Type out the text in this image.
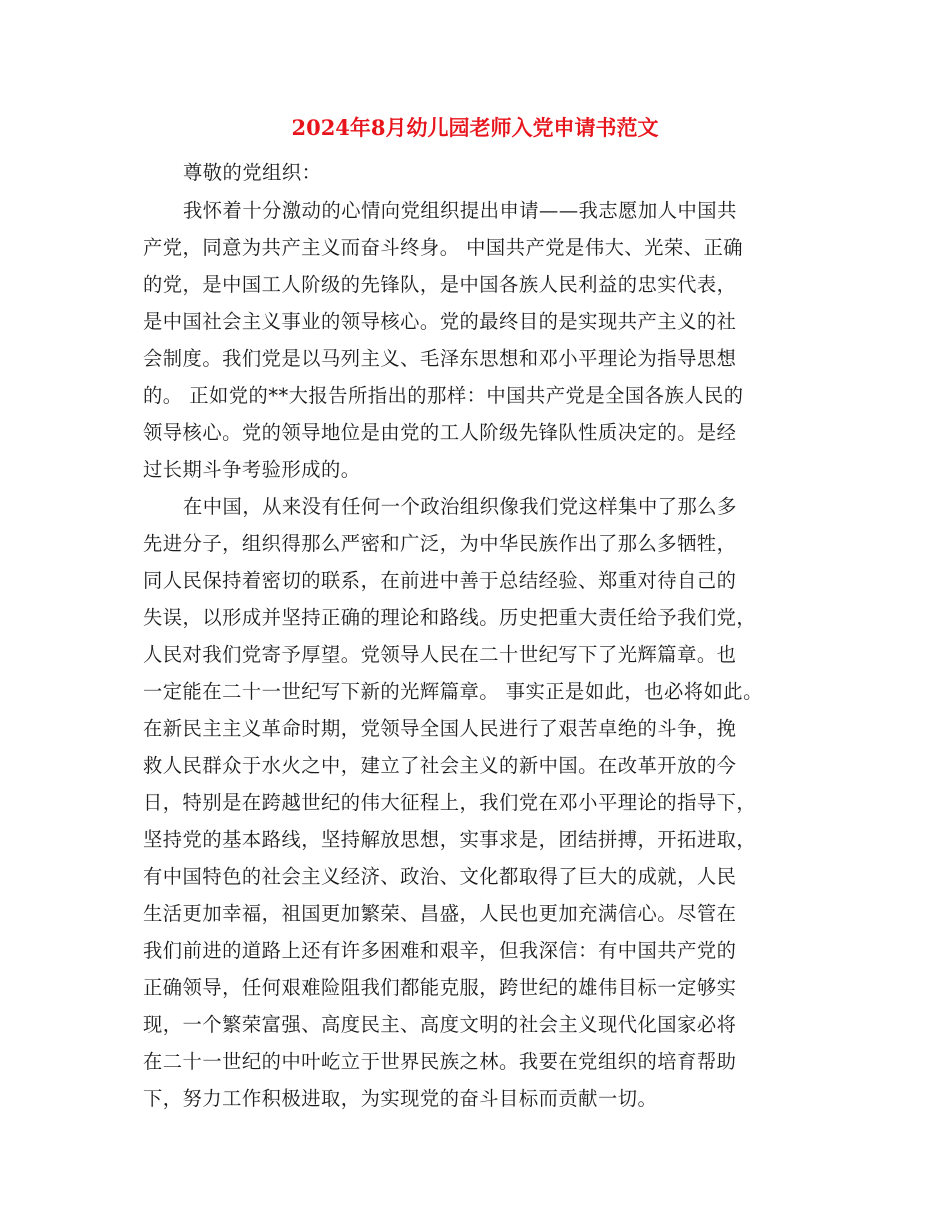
2024年8月幼儿园老师入党申请书范文

尊敬的党组织：

我怀着十分激动的心情向党组织提出申请——我志愿加人中国共

产党，同意为共产主义而奋斗终身。 中国共产党是伟大、光荣、正确

的党，是中国工人阶级的先锋队，是中国各族人民利益的忠实代表，

是中国社会主义事业的领导核心。党的最终目的是实现共产主义的社

会制度。我们党是以马列主义、毛泽东思想和邓小平理论为指导思想

的。 正如党的**大报告所指出的那样：中国共产党是全国各族人民的

领导核心。党的领导地位是由党的工人阶级先锋队性质决定的。是经

过长期斗争考验形成的。

在中国，从来没有任何一个政治组织像我们党这样集中了那么多

先进分子，组织得那么严密和广泛，为中华民族作出了那么多牺牲，

同人民保持着密切的联系，在前进中善于总结经验、郑重对待自己的

失误，以形成并坚持正确的理论和路线。历史把重大责任给予我们党，

人民对我们党寄予厚望。党领导人民在二十世纪写下了光辉篇章。也

一定能在二十一世纪写下新的光辉篇章。 事实正是如此，也必将如此。

在新民主主义革命时期，党领导全国人民进行了艰苦卓绝的斗争，挽

救人民群众于水火之中，建立了社会主义的新中国。在改革开放的今

日，特别是在跨越世纪的伟大征程上，我们党在邓小平理论的指导下，

坚持党的基本路线，坚持解放思想，实事求是，团结拼搏，开拓进取，

有中国特色的社会主义经济、政治、文化都取得了巨大的成就，人民

生活更加幸福，祖国更加繁荣、昌盛，人民也更加充满信心。尽管在

我们前进的道路上还有许多困难和艰辛，但我深信：有中国共产党的

正确领导，任何艰难险阻我们都能克服，跨世纪的雄伟目标一定够实

现，一个繁荣富强、高度民主、高度文明的社会主义现代化国家必将

在二十一世纪的中叶屹立于世界民族之林。我要在党组织的培育帮助

下，努力工作积极进取，为实现党的奋斗目标而贡献一切。
